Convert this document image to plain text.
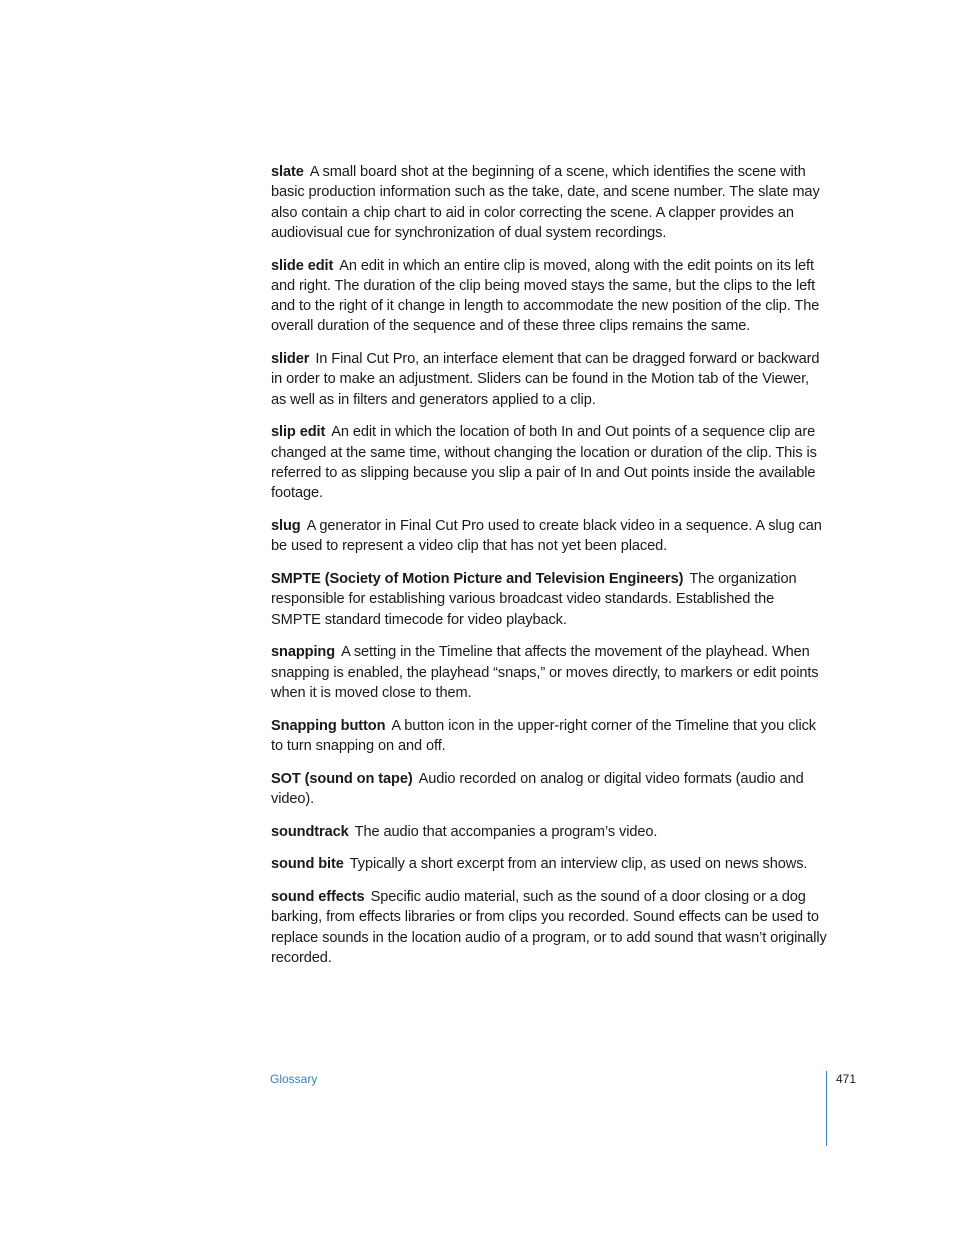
slate A small board shot at the beginning of a scene, which identifies the scene with basic production information such as the take, date, and scene number. The slate may also contain a chip chart to aid in color correcting the scene. A clapper provides an audiovisual cue for synchronization of dual system recordings.

slide edit An edit in which an entire clip is moved, along with the edit points on its left and right. The duration of the clip being moved stays the same, but the clips to the left and to the right of it change in length to accommodate the new position of the clip. The overall duration of the sequence and of these three clips remains the same.

slider In Final Cut Pro, an interface element that can be dragged forward or backward in order to make an adjustment. Sliders can be found in the Motion tab of the Viewer, as well as in filters and generators applied to a clip.

slip edit An edit in which the location of both In and Out points of a sequence clip are changed at the same time, without changing the location or duration of the clip. This is referred to as slipping because you slip a pair of In and Out points inside the available footage.

slug A generator in Final Cut Pro used to create black video in a sequence. A slug can be used to represent a video clip that has not yet been placed.

SMPTE (Society of Motion Picture and Television Engineers) The organization responsible for establishing various broadcast video standards. Established the SMPTE standard timecode for video playback.

snapping A setting in the Timeline that affects the movement of the playhead. When snapping is enabled, the playhead “snaps,” or moves directly, to markers or edit points when it is moved close to them.

Snapping button A button icon in the upper-right corner of the Timeline that you click to turn snapping on and off.

SOT (sound on tape) Audio recorded on analog or digital video formats (audio and video).

soundtrack The audio that accompanies a program’s video.

sound bite Typically a short excerpt from an interview clip, as used on news shows.

sound effects Specific audio material, such as the sound of a door closing or a dog barking, from effects libraries or from clips you recorded. Sound effects can be used to replace sounds in the location audio of a program, or to add sound that wasn’t originally recorded.

Glossary	471
